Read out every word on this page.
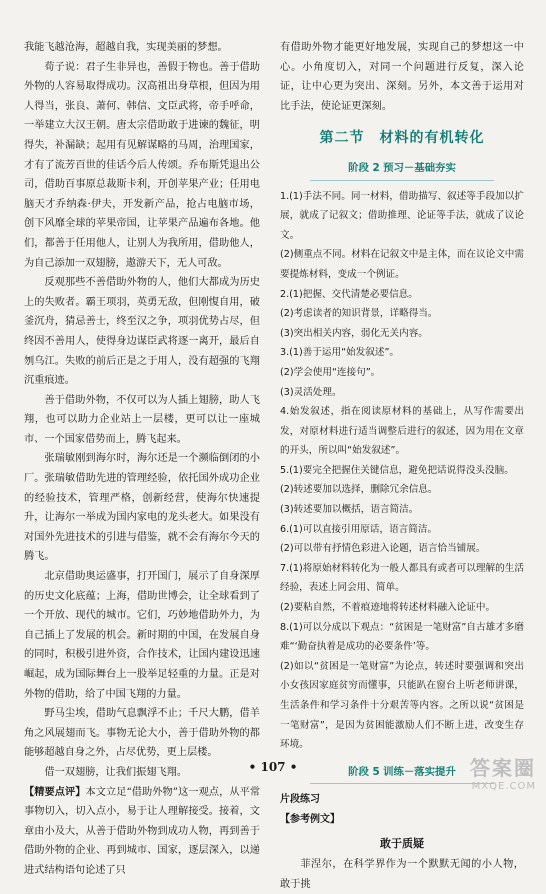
我能飞越沧海，超越自我，实现美丽的梦想。

荀子说：君子生非异也，善假于物也。善于借助外物的人容易取得成功。汉高祖出身草根，但因为用人得当，张良、萧何、韩信、文臣武将，帝手呼命，一举建立大汉王朝。唐太宗借助敢于进谏的魏征，明得失，补漏缺；起用有见解谋略的马周，治理国家，才有了流芳百世的佳话今后人传颂。乔布斯凭退出公司，借助百事原总裁斯卡利，开创苹果产业；任用电脑天才乔纳森·伊夫，开发新产品，抢占电脑市场，创下风靡全球的苹果帝国，让苹果产品遍布各地。他们，都善于任用他人，让别人为我所用，借助他人，为自己添加一双翅膀，遨游天下，无人可敌。

反观那些不善借助外物的人，他们大都成为历史上的失败者。霸王项羽，英勇无敌，但刚愎自用，破釜沉舟，猜忌善士，终至汉之争，项羽优势占尽，但终因不善用人，使得身边谋臣武将逐一离开，最后自刎乌江。失败的前后正是之于用人，没有超强的飞翔沉重痕迹。

善于借助外物，不仅可以为人插上翅膀，助人飞翔，也可以助力企业站上一层楼，更可以让一座城市、一个国家借势而上，腾飞起来。

张瑞敏刚到海尔时，海尔还是一个濒临倒闭的小厂。张瑞敏借助先进的管理经验，依托国外成功企业的经验技术，管理严格，创新经营，使海尔快速提升，让海尔一举成为国内家电的龙头老大。如果没有对国外先进技术的引进与借鉴，就不会有海尔今天的腾飞。

北京借助奥运盛事，打开国门，展示了自身深厚的历史文化底蕴；上海，借助世博会，让全球看到了一个开放、现代的城市。它们，巧妙地借助外力，为自己插上了发展的机会。新时期的中国，在发展自身的同时，积极引进外资，合作技术，让国内建设迅速崛起，成为国际舞台上一股举足轻重的力量。正是对外物的借助，给了中国飞翔的力量。

野马尘埃，借助气息飘浮不止；千尺大鹏，借羊角之风展翅而飞。事物无论大小，善于借助外物的都能够超越自身之外，占尽优势，更上层楼。

借一双翅膀，让我们振翅飞翔。

【精要点评】本文立足“借助外物”这一观点，从平常事物切入，切入点小，易于让人理解接受。接着，文章由小及大，从善于借助外物到成功人物，再到善于借助外物的企业、再到城市、国家，逐层深入，以递进式结构语句论述了只

有借助外物才能更好地发展，实现自己的梦想这一中心。小角度切入，对同一个问题进行反复，深入论证，让中心更为突出、深刻。另外，本文善于运用对比手法，使论证更深刻。

第二节　材料的有机转化
阶段 2 预习－基础夯实

1.(1)手法不同。同一材料，借助描写、叙述等手段加以扩展，就成了记叙文；借助推理、论证等手法，就成了议论文。

(2)侧重点不同。材料在记叙文中是主体，而在议论文中需要提炼材料，变成一个例证。

2.(1)把握、交代清楚必要信息。

(2)考虑读者的知识背景，详略得当。

(3)突出相关内容，弱化无关内容。

3.(1)善于运用“始发叙述”。

(2)学会使用“连接句”。

(3)灵活处理。

4.始发叙述，指在阅读原材料的基础上，从写作需要出发，对原材料进行适当调整后进行的叙述，因为用在文章的开头，所以叫“始发叙述”。

5.(1)要完全把握住关键信息，避免把话说得没头没脑。

(2)转述要加以选择，删除冗余信息。

(3)转述要加以概括，语言简洁。

6.(1)可以直接引用原话，语言简洁。

(2)可以带有抒情色彩进入论题，语言恰当铺展。

7.(1)将原始材料转化为一般人都具有或者可以理解的生活经验，表述上同会用、简单。

(2)要粘自然，不着痕迹地将转述材料融入论证中。

8.(1)可以分成以下观点：“贫困是一笔财富”自古雄才多磨难“‘勤奋执着是成功的必要条件’等。

(2)如以“贫困是一笔财富”为论点，转述时要强调和突出小女孩因家庭贫穷而懂事，只能趴在窗台上听老师讲课，生活条件和学习条件十分艰苦等内容。之所以说“贫困是一笔财富”，是因为贫困能激励人们不断上进，改变生存环境。

阶段 5 训练－落实提升

片段练习

【参考例文】

敢于质疑

菲涅尔，在科学界作为一个默默无闻的小人物，敢于挑

• 107 •	答案圈
MXQE.COM
